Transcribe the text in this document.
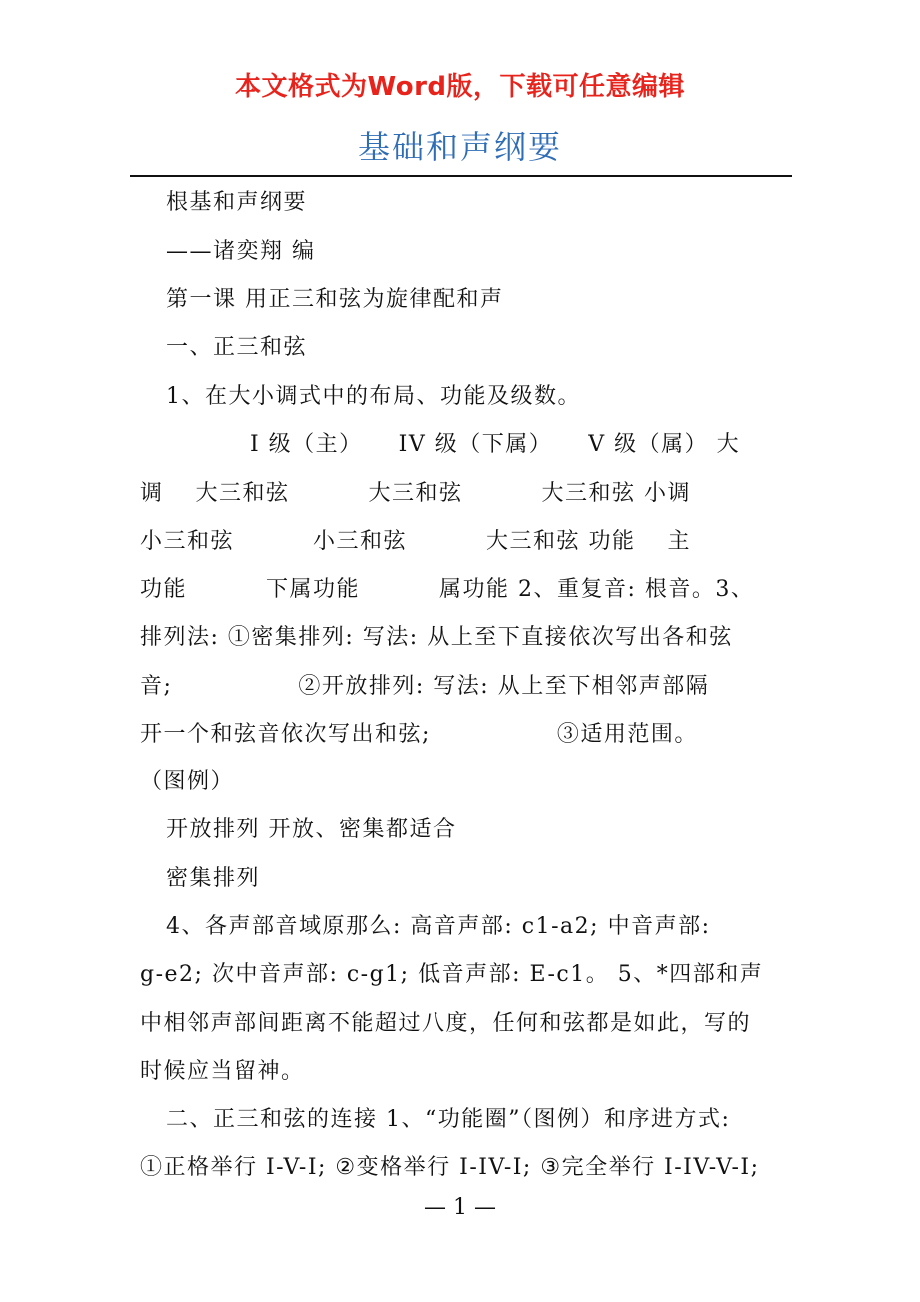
本文格式为Word版，下载可任意编辑
基础和声纲要
根基和声纲要
——诸奕翔 编
第一课 用正三和弦为旋律配和声
一、正三和弦
1、在大小调式中的布局、功能及级数。
I 级（主）　　IV 级（下属）　　V 级（属） 大
调　 大三和弦　　　 大三和弦　　　 大三和弦 小调
小三和弦　　　 小三和弦　　　 大三和弦 功能　 主
功能　　　 下属功能　　　 属功能 2、重复音: 根音。3、
排列法: ①密集排列: 写法: 从上至下直接依次写出各和弦
音;　　　　　 ②开放排列: 写法: 从上至下相邻声部隔
开一个和弦音依次写出和弦;　　　　　 ③适用范围。
（图例）
开放排列 开放、密集都适合
密集排列
4、各声部音域原那么: 高音声部: c1-a2; 中音声部:
g-e2; 次中音声部: c-g1; 低音声部: E-c1。 5、*四部和声
中相邻声部间距离不能超过八度，任何和弦都是如此，写的
时候应当留神。
二、正三和弦的连接 1、“功能圈”（图例）和序进方式:
①正格举行 I-V-I; ②变格举行 I-IV-I; ③完全举行 I-IV-V-I;
— 1 —
